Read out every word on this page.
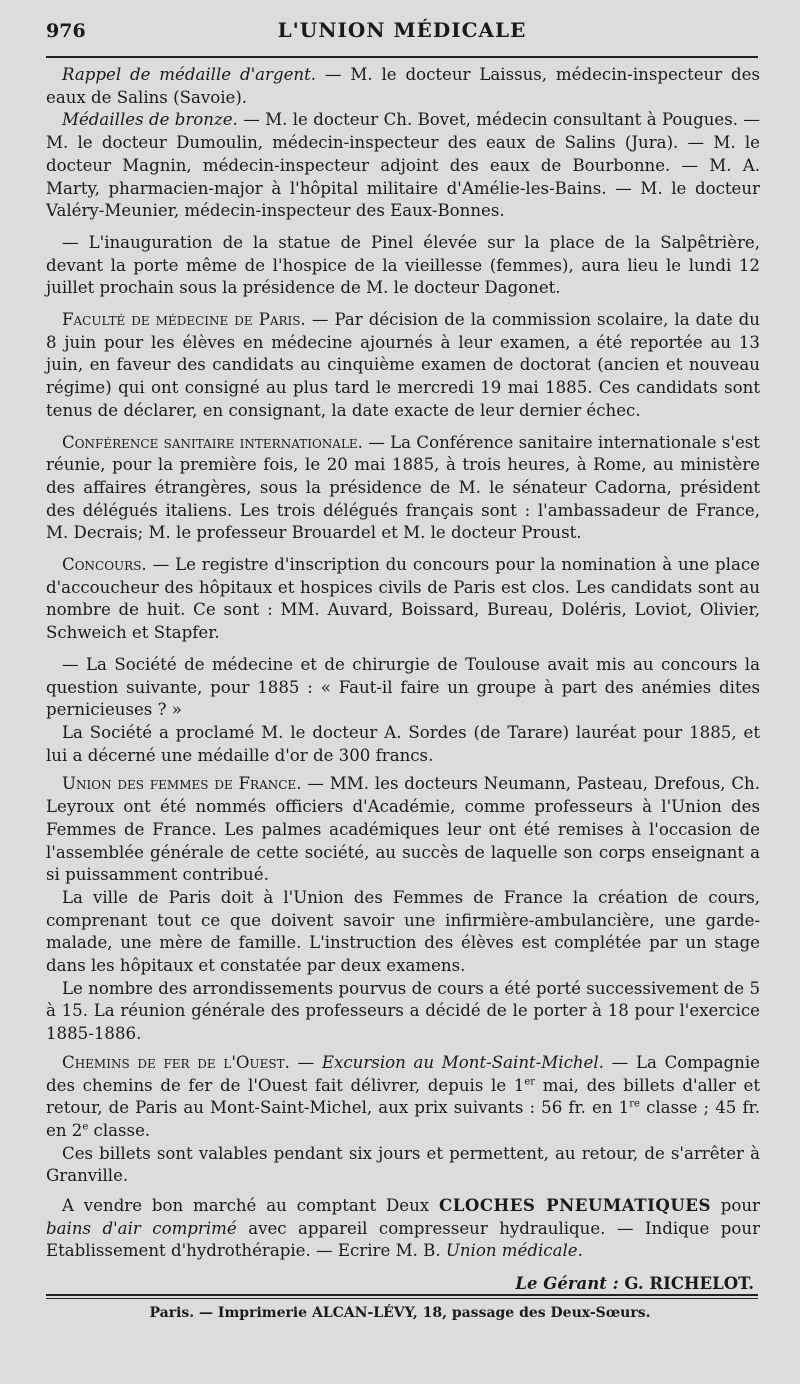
976	L'UNION MÉDICALE

Rappel de médaille d'argent. — M. le docteur Laissus, médecin-inspecteur des eaux de Salins (Savoie).

Médailles de bronze. — M. le docteur Ch. Bovet, médecin consultant à Pougues. — M. le docteur Dumoulin, médecin-inspecteur des eaux de Salins (Jura). — M. le docteur Magnin, médecin-inspecteur adjoint des eaux de Bourbonne. — M. A. Marty, pharmacien-major à l'hôpital militaire d'Amélie-les-Bains. — M. le docteur Valéry-Meunier, médecin-inspecteur des Eaux-Bonnes.

— L'inauguration de la statue de Pinel élevée sur la place de la Salpêtrière, devant la porte même de l'hospice de la vieillesse (femmes), aura lieu le lundi 12 juillet prochain sous la présidence de M. le docteur Dagonet.

Faculté de médecine de Paris. — Par décision de la commission scolaire, la date du 8 juin pour les élèves en médecine ajournés à leur examen, a été reportée au 13 juin, en faveur des candidats au cinquième examen de doctorat (ancien et nouveau régime) qui ont consigné au plus tard le mercredi 19 mai 1885. Ces candidats sont tenus de déclarer, en consignant, la date exacte de leur dernier échec.

Conférence sanitaire internationale. — La Conférence sanitaire internationale s'est réunie, pour la première fois, le 20 mai 1885, à trois heures, à Rome, au ministère des affaires étrangères, sous la présidence de M. le sénateur Cadorna, président des délégués italiens. Les trois délégués français sont : l'ambassadeur de France, M. Decrais; M. le professeur Brouardel et M. le docteur Proust.

Concours. — Le registre d'inscription du concours pour la nomination à une place d'accoucheur des hôpitaux et hospices civils de Paris est clos. Les candidats sont au nombre de huit. Ce sont : MM. Auvard, Boissard, Bureau, Doléris, Loviot, Olivier, Schweich et Stapfer.

— La Société de médecine et de chirurgie de Toulouse avait mis au concours la question suivante, pour 1885 : « Faut-il faire un groupe à part des anémies dites pernicieuses ? »

La Société a proclamé M. le docteur A. Sordes (de Tarare) lauréat pour 1885, et lui a décerné une médaille d'or de 300 francs.

Union des femmes de France. — MM. les docteurs Neumann, Pasteau, Drefous, Ch. Leyroux ont été nommés officiers d'Académie, comme professeurs à l'Union des Femmes de France. Les palmes académiques leur ont été remises à l'occasion de l'assemblée générale de cette société, au succès de laquelle son corps enseignant a si puissamment contribué.

La ville de Paris doit à l'Union des Femmes de France la création de cours, comprenant tout ce que doivent savoir une infirmière-ambulancière, une garde-malade, une mère de famille. L'instruction des élèves est complétée par un stage dans les hôpitaux et constatée par deux examens.

Le nombre des arrondissements pourvus de cours a été porté successivement de 5 à 15. La réunion générale des professeurs a décidé de le porter à 18 pour l'exercice 1885-1886.

Chemins de fer de l'Ouest. — Excursion au Mont-Saint-Michel. — La Compagnie des chemins de fer de l'Ouest fait délivrer, depuis le 1er mai, des billets d'aller et retour, de Paris au Mont-Saint-Michel, aux prix suivants : 56 fr. en 1re classe ; 45 fr. en 2e classe.

Ces billets sont valables pendant six jours et permettent, au retour, de s'arrêter à Granville.

A vendre bon marché au comptant Deux CLOCHES PNEUMATIQUES pour bains d'air comprimé avec appareil compresseur hydraulique. — Indique pour Etablissement d'hydrothérapie. — Ecrire M. B. Union médicale.

Le Gérant : G. RICHELOT.
Paris. — Imprimerie ALCAN-LÉVY, 18, passage des Deux-Sœurs.
